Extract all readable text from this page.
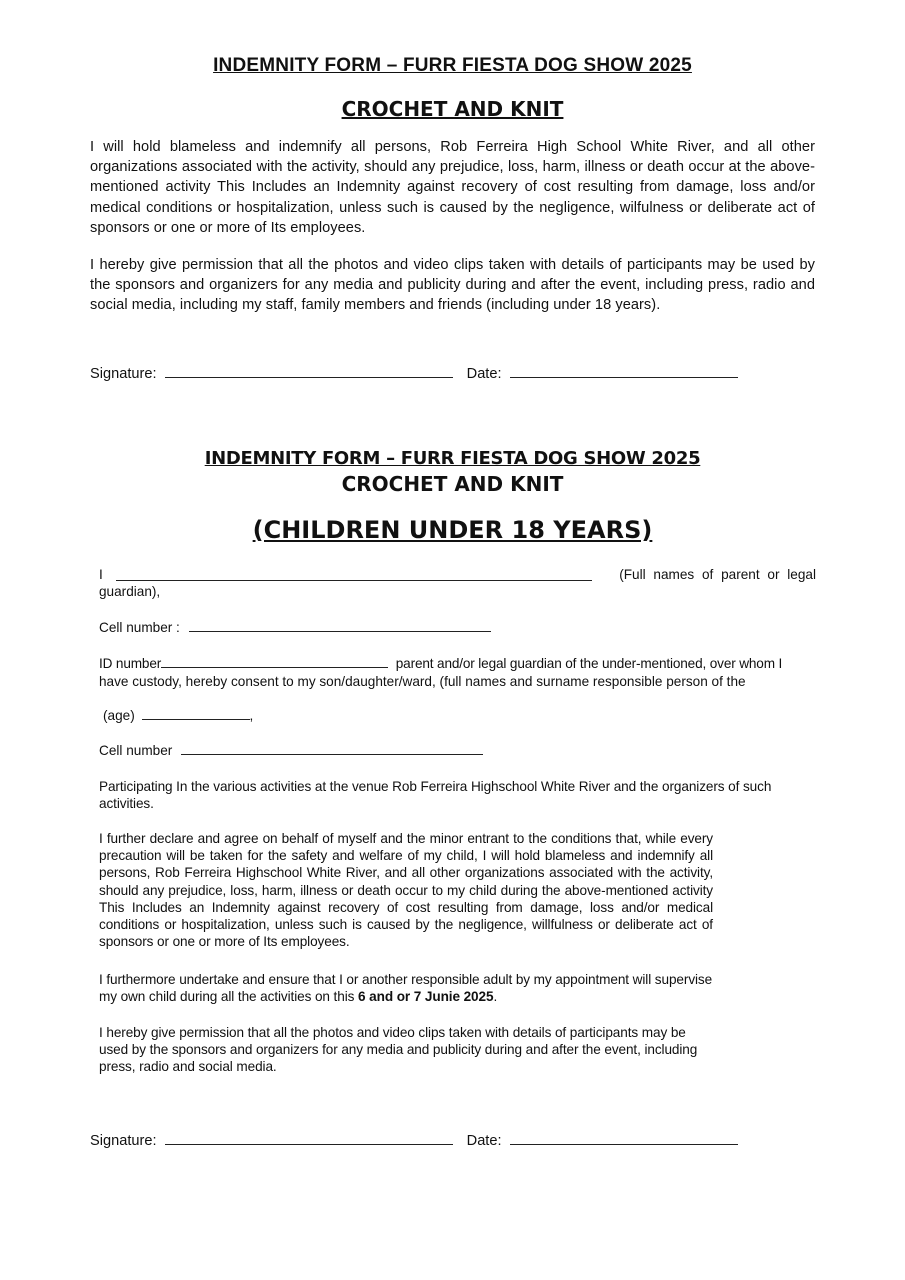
INDEMNITY FORM – FURR FIESTA DOG SHOW 2025
CROCHET AND KNIT
I will hold blameless and indemnify all persons, Rob Ferreira High School White River, and all other organizations associated with the activity, should any prejudice, loss, harm, illness or death occur at the above-mentioned activity This Includes an Indemnity against recovery of cost resulting from damage, loss and/or medical conditions or hospitalization, unless such is caused by the negligence, wilfulness or deliberate act of sponsors or one or more of Its employees.
I hereby give permission that all the photos and video clips taken with details of participants may be used by the sponsors and organizers for any media and publicity during and after the event, including press, radio and social media, including my staff, family members and friends (including under 18 years).
Signature:	Date:
INDEMNITY FORM – FURR FIESTA DOG SHOW 2025
CROCHET AND KNIT
(CHILDREN UNDER 18 YEARS)
I	(Full names of parent or legal
guardian),
Cell number :
ID number	parent and/or legal guardian of the under-mentioned, over whom I
have custody, hereby consent to my son/daughter/ward, (full names and surname responsible person of the
(age)	,
Cell number
Participating In the various activities at the venue Rob Ferreira Highschool White River and the organizers of such activities.
I further declare and agree on behalf of myself and the minor entrant to the conditions that, while every precaution will be taken for the safety and welfare of my child, I will hold blameless and indemnify all persons, Rob Ferreira Highschool White River, and all other organizations associated with the activity, should any prejudice, loss, harm, illness or death occur to my child during the above-mentioned activity This Includes an Indemnity against recovery of cost resulting from damage, loss and/or medical conditions or hospitalization, unless such is caused by the negligence, willfulness or deliberate act of sponsors or one or more of Its employees.
I furthermore undertake and ensure that I or another responsible adult by my appointment will supervise my own child during all the activities on this 6 and or 7 Junie 2025.
I hereby give permission that all the photos and video clips taken with details of participants may be used by the sponsors and organizers for any media and publicity during and after the event, including press, radio and social media.
Signature:	Date:
